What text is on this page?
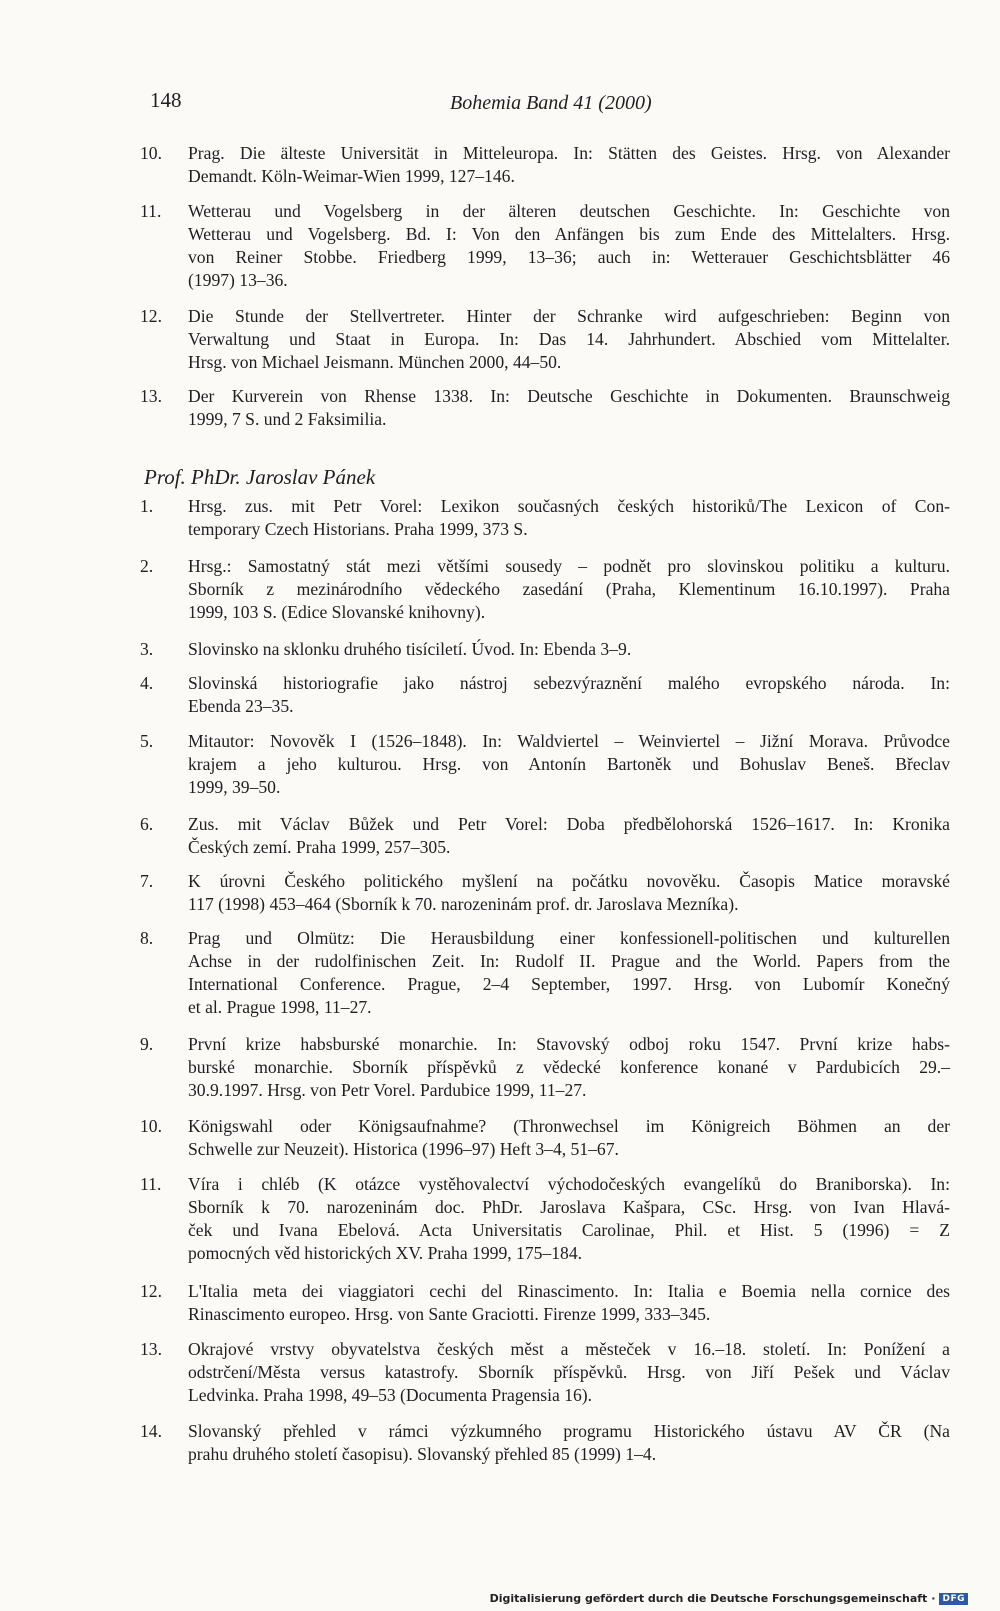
148	Bohemia Band 41 (2000)
10.	Prag. Die älteste Universität in Mitteleuropa. In: Stätten des Geistes. Hrsg. von Alexander
Demandt. Köln-Weimar-Wien 1999, 127–146.
11.	Wetterau und Vogelsberg in der älteren deutschen Geschichte. In: Geschichte von
Wetterau und Vogelsberg. Bd. I: Von den Anfängen bis zum Ende des Mittelalters. Hrsg.
von Reiner Stobbe. Friedberg 1999, 13–36; auch in: Wetterauer Geschichtsblätter 46
(1997) 13–36.
12.	Die Stunde der Stellvertreter. Hinter der Schranke wird aufgeschrieben: Beginn von
Verwaltung und Staat in Europa. In: Das 14. Jahrhundert. Abschied vom Mittelalter.
Hrsg. von Michael Jeismann. München 2000, 44–50.
13.	Der Kurverein von Rhense 1338. In: Deutsche Geschichte in Dokumenten. Braunschweig
1999, 7 S. und 2 Faksimilia.
Prof. PhDr. Jaroslav Pánek
1.	Hrsg. zus. mit Petr Vorel: Lexikon současných českých historiků/The Lexicon of Con-
temporary Czech Historians. Praha 1999, 373 S.
2.	Hrsg.: Samostatný stát mezi většími sousedy – podnět pro slovinskou politiku a kulturu.
Sborník z mezinárodního vědeckého zasedání (Praha, Klementinum 16.10.1997). Praha
1999, 103 S. (Edice Slovanské knihovny).
3.	Slovinsko na sklonku druhého tisíciletí. Úvod. In: Ebenda 3–9.
4.	Slovinská historiografie jako nástroj sebezvýraznění malého evropského národa. In:
Ebenda 23–35.
5.	Mitautor: Novověk I (1526–1848). In: Waldviertel – Weinviertel – Jižní Morava. Průvodce
krajem a jeho kulturou. Hrsg. von Antonín Bartoněk und Bohuslav Beneš. Břeclav
1999, 39–50.
6.	Zus. mit Václav Bůžek und Petr Vorel: Doba předbělohorská 1526–1617. In: Kronika
Českých zemí. Praha 1999, 257–305.
7.	K úrovni Českého politického myšlení na počátku novověku. Časopis Matice moravské
117 (1998) 453–464 (Sborník k 70. narozeninám prof. dr. Jaroslava Mezníka).
8.	Prag und Olmütz: Die Herausbildung einer konfessionell-politischen und kulturellen
Achse in der rudolfinischen Zeit. In: Rudolf II. Prague and the World. Papers from the
International Conference. Prague, 2–4 September, 1997. Hrsg. von Lubomír Konečný
et al. Prague 1998, 11–27.
9.	První krize habsburské monarchie. In: Stavovský odboj roku 1547. První krize habs-
burské monarchie. Sborník příspěvků z vědecké konference konané v Pardubicích 29.–
30.9.1997. Hrsg. von Petr Vorel. Pardubice 1999, 11–27.
10.	Königswahl oder Königsaufnahme? (Thronwechsel im Königreich Böhmen an der
Schwelle zur Neuzeit). Historica (1996–97) Heft 3–4, 51–67.
11.	Víra i chléb (K otázce vystěhovalectví východočeských evangelíků do Braniborska). In:
Sborník k 70. narozeninám doc. PhDr. Jaroslava Kašpara, CSc. Hrsg. von Ivan Hlavá-
ček und Ivana Ebelová. Acta Universitatis Carolinae, Phil. et Hist. 5 (1996) = Z
pomocných věd historických XV. Praha 1999, 175–184.
12.	L'Italia meta dei viaggiatori cechi del Rinascimento. In: Italia e Boemia nella cornice des
Rinascimento europeo. Hrsg. von Sante Graciotti. Firenze 1999, 333–345.
13.	Okrajové vrstvy obyvatelstva českých měst a městeček v 16.–18. století. In: Ponížení a
odstrčení/Města versus katastrofy. Sborník příspěvků. Hrsg. von Jiří Pešek und Václav
Ledvinka. Praha 1998, 49–53 (Documenta Pragensia 16).
14.	Slovanský přehled v rámci výzkumného programu Historického ústavu AV ČR (Na
prahu druhého století časopisu). Slovanský přehled 85 (1999) 1–4.
Digitalisierung gefördert durch die Deutsche Forschungsgemeinschaft · DFG
